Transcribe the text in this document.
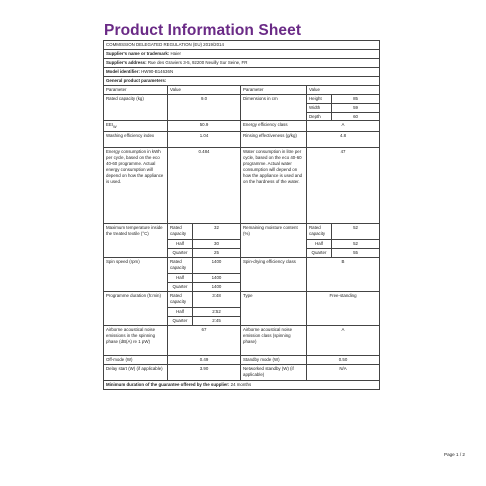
Product Information Sheet
COMMISSION DELEGATED REGULATION (EU) 2019/2014					
Supplier's name or trademark: Haier					
Supplier's address: Rue des Graviers 3-5, 92200 Neuilly Sur Seine, FR					
Model identifier: HW90-B14636N					
General product parameters:					
Parameter	Value		Parameter	Value	
Rated capacity (kg)	9.0		Dimensions in cm	Height	85
				Width	59
				Depth	60
$EEI_W$	50.9		Energy efficiency class	A	
Washing efficiency index	1.04		Rinsing effectiveness (g/kg)	4.8	
Energy consumption in kWh per cycle, based on the eco 40-60 programme. Actual energy consumption will depend on how the appliance is used.	0.484		Water consumption in litre per cycle, based on the eco 40-60 programme. Actual water consumption will depend on how the appliance is used and on the hardness of the water.	47	
Maximum temperature inside the treated textile (°C)	Rated capacity	32	Remaining moisture content (%)	Rated capacity	52
	Half	30		Half	52
	Quarter	25		Quarter	55
Spin speed (rpm)	Rated capacity	1400	Spin-drying efficiency class	B	
	Half	1400			
	Quarter	1400			
Programme duration (h:min)	Rated capacity	3:48	Type	Free-standing	
	Half	2:52			
	Quarter	2:45			
Airborne acoustical noise emissions in the spinning phase (dB(A) re 1 pW)	67		Airborne acoustical noise emission class (spinning phase)	A	
Off-mode (W)	0.49		Standby mode (W)	0.50	
Delay start (W) (if applicable)	3.90		Networked standby (W) (if applicable)	N/A	
Minimum duration of the guarantee offered by the supplier: 24 months					
Page 1 / 2
